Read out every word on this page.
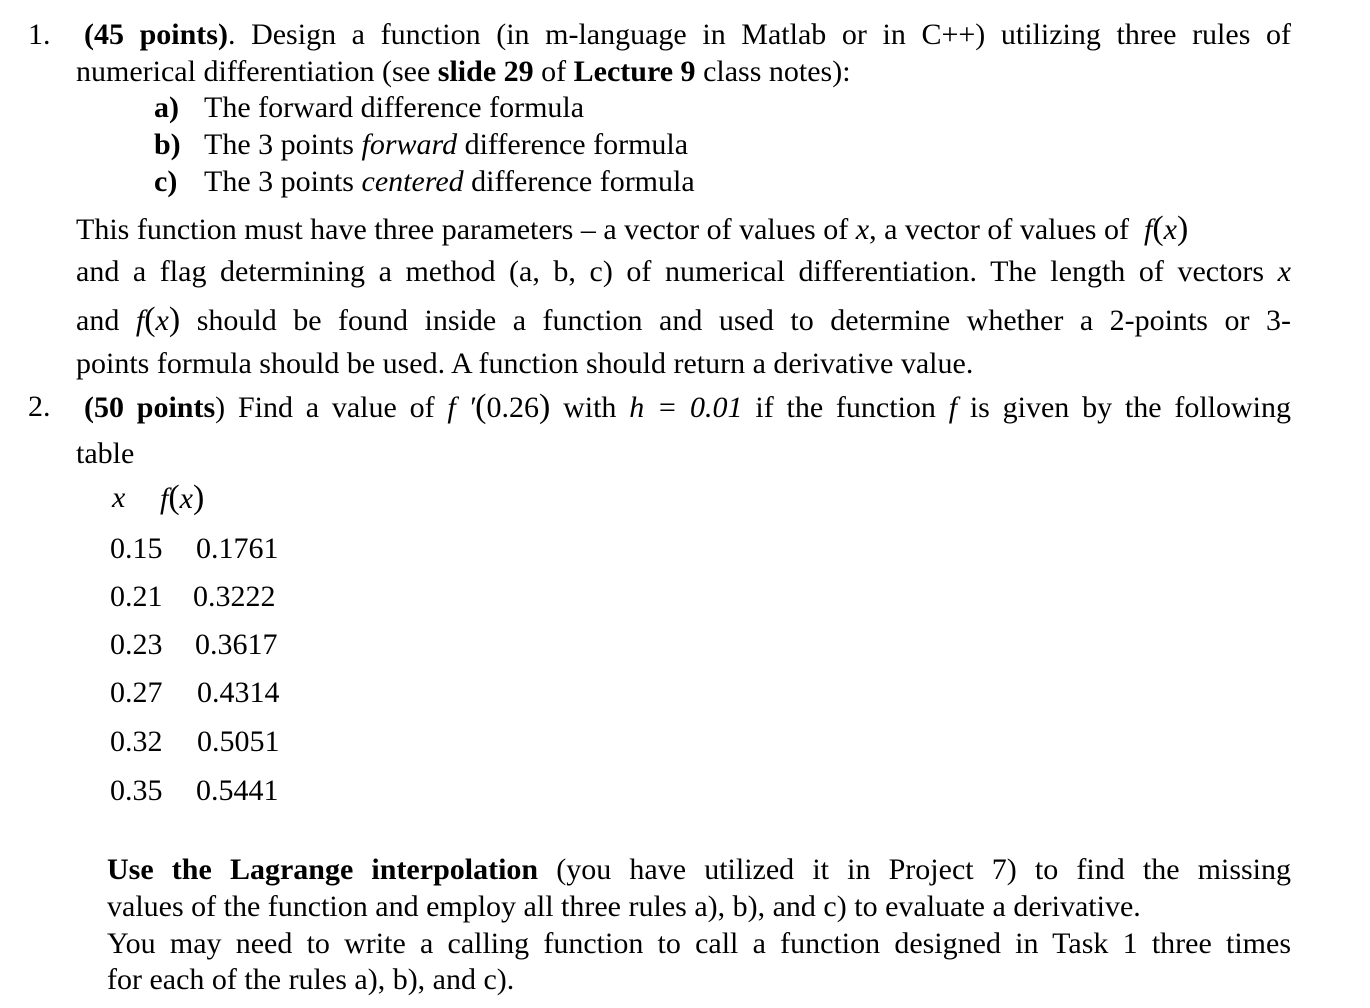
1. (45 points). Design a function (in m-language in Matlab or in C++) utilizing three rules of
numerical differentiation (see slide 29 of Lecture 9 class notes):
a) The forward difference formula
b) The 3 points forward difference formula
c) The 3 points centered difference formula
This function must have three parameters – a vector of values of x, a vector of values of f(x)
and a flag determining a method (a, b, c) of numerical differentiation. The length of vectors x
and f(x) should be found inside a function and used to determine whether a 2-points or 3-
points formula should be used. A function should return a derivative value.
2. (50 points) Find a value of f ′(0.26) with h = 0.01 if the function f is given by the following
table
x f(x)
0.15 0.1761
0.21 0.3222
0.23 0.3617
0.27 0.4314
0.32 0.5051
0.35 0.5441
Use the Lagrange interpolation (you have utilized it in Project 7) to find the missing
values of the function and employ all three rules a), b), and c) to evaluate a derivative.
You may need to write a calling function to call a function designed in Task 1 three times
for each of the rules a), b), and c).
